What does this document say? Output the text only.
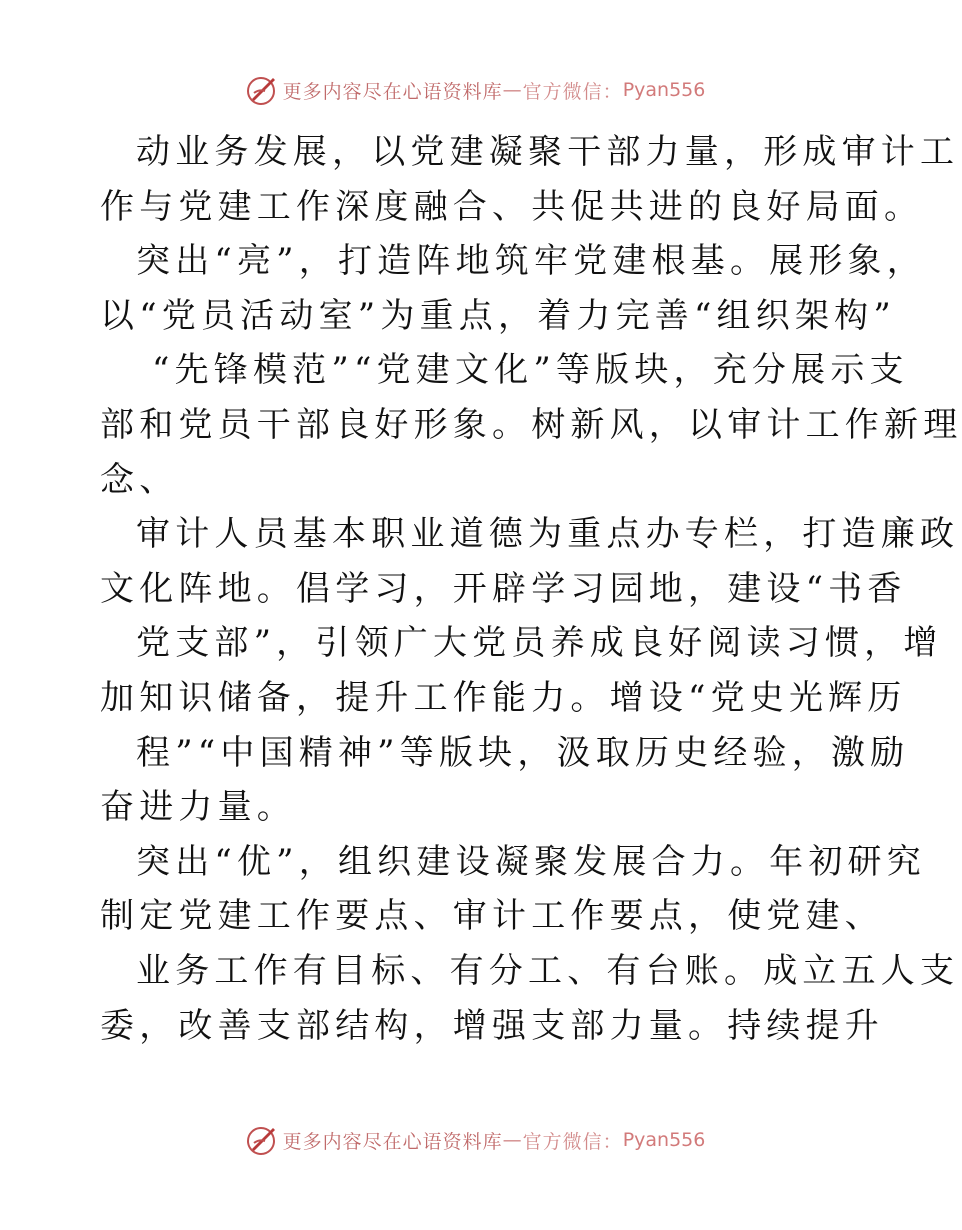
更多内容尽在心语资料库 — 官方微信： Pyan556
动业务发展，以党建凝聚干部力量，形成审计工
作与党建工作深度融合、共促共进的良好局面。
突出“亮”，打造阵地筑牢党建根基。展形象，
以“党员活动室”为重点，着力完善“组织架构”
“先锋模范”“党建文化”等版块，充分展示支
部和党员干部良好形象。树新风，以审计工作新理
念、
审计人员基本职业道德为重点办专栏，打造廉政
文化阵地。倡学习，开辟学习园地，建设“书香
党支部”，引领广大党员养成良好阅读习惯，增
加知识储备，提升工作能力。增设“党史光辉历
程”“中国精神”等版块，汲取历史经验，激励
奋进力量。
突出“优”，组织建设凝聚发展合力。年初研究
制定党建工作要点、审计工作要点，使党建、
业务工作有目标、有分工、有台账。成立五人支
委，改善支部结构，增强支部力量。持续提升
更多内容尽在心语资料库 — 官方微信： Pyan556
